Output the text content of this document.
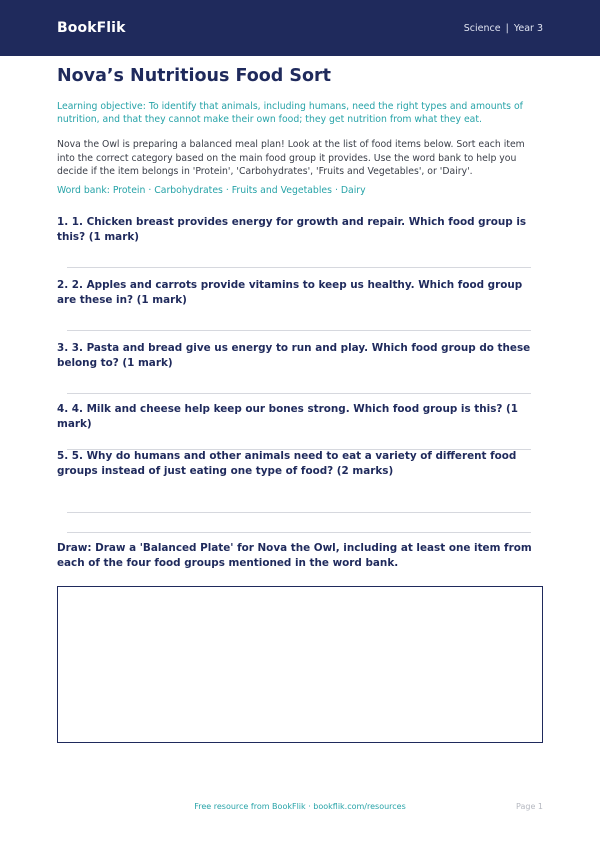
BookFlik	Science | Year 3
Nova’s Nutritious Food Sort
Learning objective: To identify that animals, including humans, need the right types and amounts of nutrition, and that they cannot make their own food; they get nutrition from what they eat.
Nova the Owl is preparing a balanced meal plan! Look at the list of food items below. Sort each item into the correct category based on the main food group it provides. Use the word bank to help you decide if the item belongs in 'Protein', 'Carbohydrates', 'Fruits and Vegetables', or 'Dairy'.
Word bank: Protein · Carbohydrates · Fruits and Vegetables · Dairy
1. 1. Chicken breast provides energy for growth and repair. Which food group is this? (1 mark)
2. 2. Apples and carrots provide vitamins to keep us healthy. Which food group are these in? (1 mark)
3. 3. Pasta and bread give us energy to run and play. Which food group do these belong to? (1 mark)
4. 4. Milk and cheese help keep our bones strong. Which food group is this? (1 mark)
5. 5. Why do humans and other animals need to eat a variety of different food groups instead of just eating one type of food? (2 marks)
Draw: Draw a 'Balanced Plate' for Nova the Owl, including at least one item from each of the four food groups mentioned in the word bank.
Free resource from BookFlik · bookflik.com/resources	Page 1
